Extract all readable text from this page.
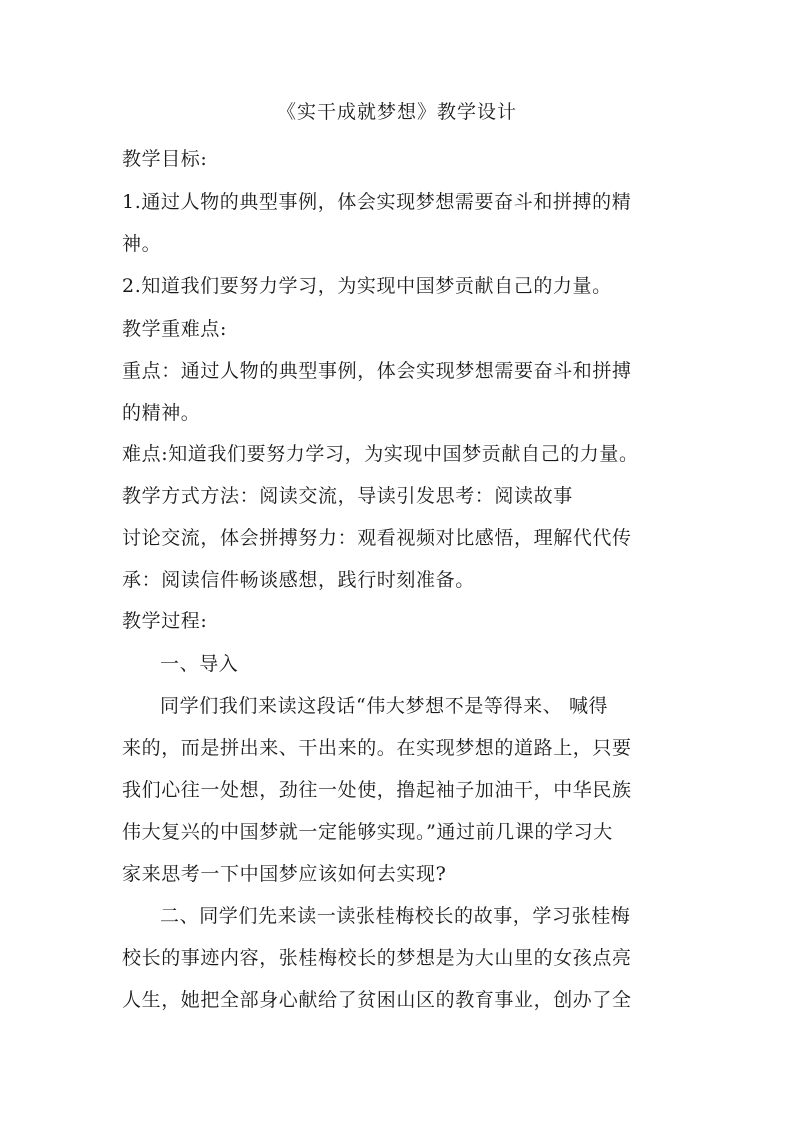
《实干成就梦想》教学设计
教学目标:
1.通过人物的典型事例，体会实现梦想需要奋斗和拼搏的精
神。
2.知道我们要努力学习，为实现中国梦贡献自己的力量。
教学重难点:
重点：通过人物的典型事例，体会实现梦想需要奋斗和拼搏
的精神。
难点:知道我们要努力学习，为实现中国梦贡献自己的力量。
教学方式方法：阅读交流，导读引发思考：阅读故事
讨论交流，体会拼搏努力：观看视频对比感悟，理解代代传
承：阅读信件畅谈感想，践行时刻准备。
教学过程:
一、导入
同学们我们来读这段话“伟大梦想不是等得来、 喊得
来的，而是拼出来、干出来的。在实现梦想的道路上，只要
我们心往一处想，劲往一处使，撸起袖子加油干，中华民族
伟大复兴的中国梦就一定能够实现。”通过前几课的学习大
家来思考一下中国梦应该如何去实现?
二、同学们先来读一读张桂梅校长的故事，学习张桂梅
校长的事迹内容，张桂梅校长的梦想是为大山里的女孩点亮
人生，她把全部身心献给了贫困山区的教育事业，创办了全
